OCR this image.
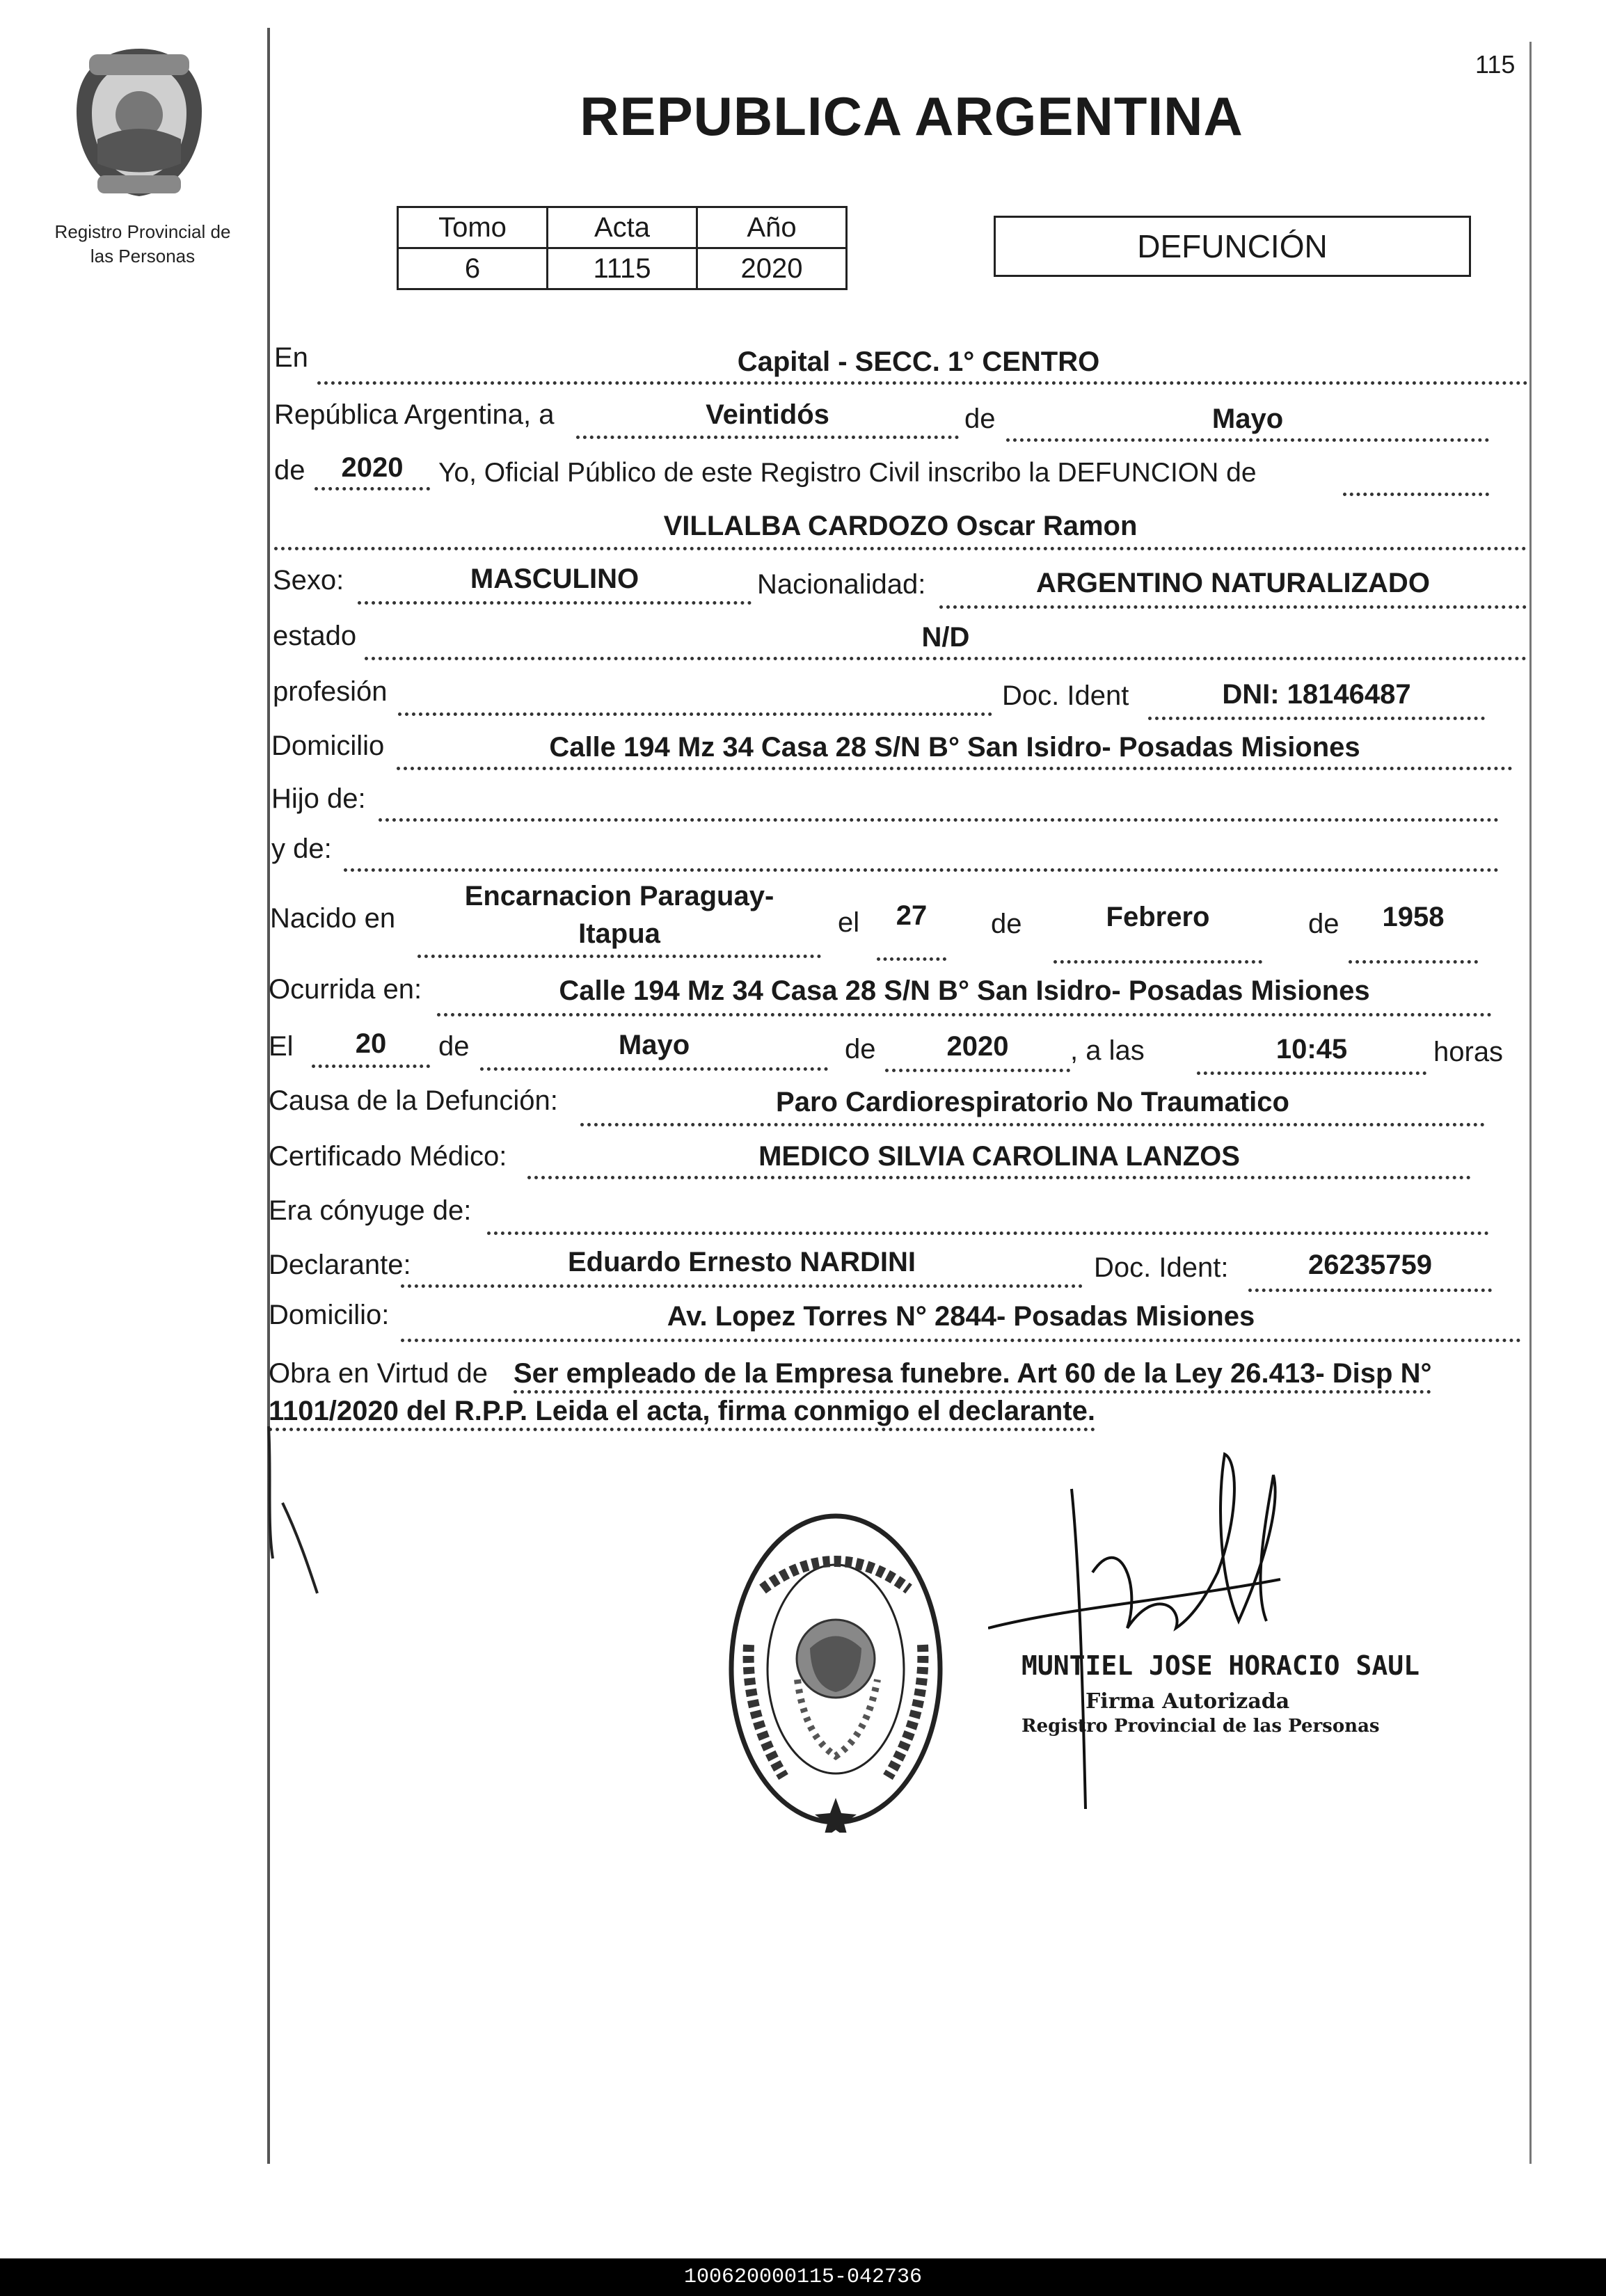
Registro Provincial de
las Personas
115
REPUBLICA ARGENTINA
Tomo	Acta	Año
6	1115	2020
DEFUNCIÓN
En	Capital - SECC. 1° CENTRO
República Argentina, a	Veintidós	de	Mayo
de	2020	Yo, Oficial Público de este Registro Civil inscribo la DEFUNCION de
VILLALBA CARDOZO Oscar Ramon
Sexo:	MASCULINO	Nacionalidad:	ARGENTINO NATURALIZADO
estado	N/D
profesión	Doc. Ident	DNI: 18146487
Domicilio	Calle 194 Mz 34 Casa 28 S/N B° San Isidro- Posadas Misiones
Hijo de:
y de:
Nacido en
Encarnacion Paraguay-
Itapua	el	27	de	Febrero	de	1958
Ocurrida en:	Calle 194 Mz 34 Casa 28 S/N B° San Isidro- Posadas Misiones
El	20	de	Mayo	de	2020	, a las	10:45	horas
Causa de la Defunción:	Paro Cardiorespiratorio No Traumatico
Certificado Médico:	MEDICO SILVIA CAROLINA LANZOS
Era cónyuge de:
Declarante:	Eduardo Ernesto NARDINI	Doc. Ident:	26235759
Domicilio:	Av. Lopez Torres N° 2844- Posadas Misiones
Obra en Virtud de Ser empleado de la Empresa funebre. Art 60 de la Ley 26.413- Disp N°
1101/2020 del R.P.P. Leida el acta, firma conmigo el declarante.
MUNTIEL JOSE HORACIO SAUL
Firma Autorizada
Registro Provincial de las Personas
100620000115-042736
